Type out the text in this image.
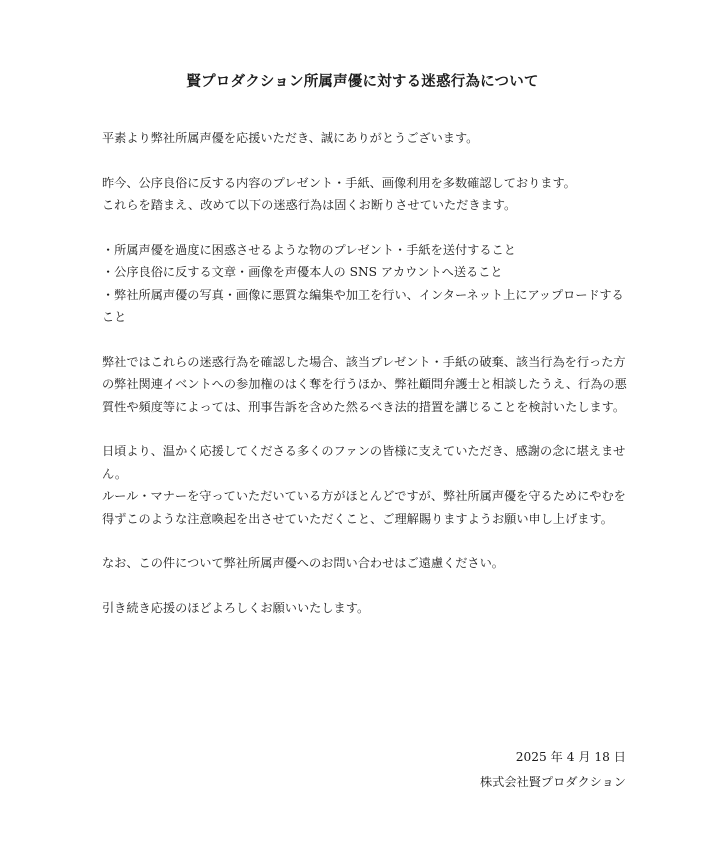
賢プロダクション所属声優に対する迷惑行為について

平素より弊社所属声優を応援いただき、誠にありがとうございます。

昨今、公序良俗に反する内容のプレゼント・手紙、画像利用を多数確認しております。

これらを踏まえ、改めて以下の迷惑行為は固くお断りさせていただきます。

・所属声優を過度に困惑させるような物のプレゼント・手紙を送付すること

・公序良俗に反する文章・画像を声優本人の SNS アカウントへ送ること

・弊社所属声優の写真・画像に悪質な編集や加工を行い、インターネット上にアップロードすること

弊社ではこれらの迷惑行為を確認した場合、該当プレゼント・手紙の破棄、該当行為を行った方の弊社関連イベントへの参加権のはく奪を行うほか、弊社顧問弁護士と相談したうえ、行為の悪質性や頻度等によっては、刑事告訴を含めた然るべき法的措置を講じることを検討いたします。

日頃より、温かく応援してくださる多くのファンの皆様に支えていただき、感謝の念に堪えません。

ルール・マナーを守っていただいている方がほとんどですが、弊社所属声優を守るためにやむを得ずこのような注意喚起を出させていただくこと、ご理解賜りますようお願い申し上げます。

なお、この件について弊社所属声優へのお問い合わせはご遠慮ください。

引き続き応援のほどよろしくお願いいたします。

2025 年 4 月 18 日
株式会社賢プロダクション
